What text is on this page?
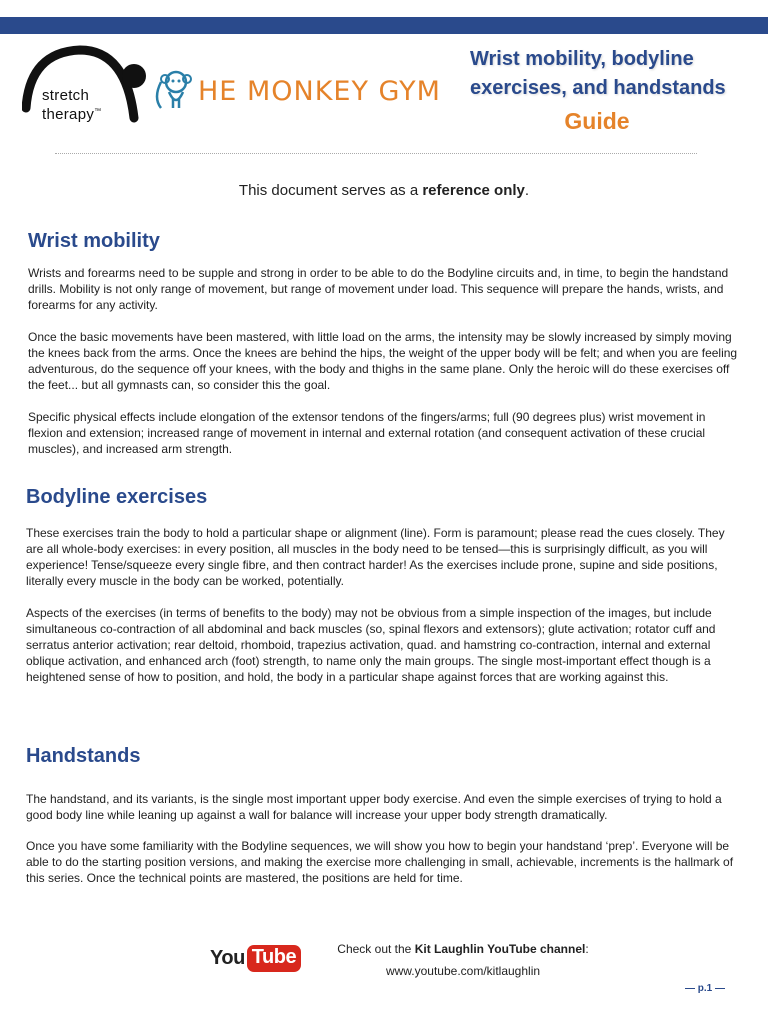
stretch
therapy™
HE MONKEY GYM
Wrist mobility, bodyline
exercises, and handstands
Guide
This document serves as a reference only.
Wrist mobility

Wrists and forearms need to be supple and strong in order to be able to do the Bodyline circuits and, in time, to begin the handstand drills. Mobility is not only range of movement, but range of movement under load. This sequence will prepare the hands, wrists, and forearms for any activity.

Once the basic movements have been mastered, with little load on the arms, the intensity may be slowly increased by simply moving the knees back from the arms. Once the knees are behind the hips, the weight of the upper body will be felt; and when you are feeling adventurous, do the sequence off your knees, with the body and thighs in the same plane. Only the heroic will do these exercises off the feet... but all gymnasts can, so consider this the goal.

Specific physical effects include elongation of the extensor tendons of the fingers/arms; full (90 degrees plus) wrist movement in flexion and extension; increased range of movement in internal and external rotation (and consequent activation of these crucial muscles), and increased arm strength.

Bodyline exercises

These exercises train the body to hold a particular shape or alignment (line). Form is paramount; please read the cues closely. They are all whole-body exercises: in every position, all muscles in the body need to be tensed—this is surprisingly difficult, as you will experience! Tense/squeeze every single fibre, and then contract harder! As the exercises include prone, supine and side positions, literally every muscle in the body can be worked, potentially.

Aspects of the exercises (in terms of benefits to the body) may not be obvious from a simple inspection of the images, but include simultaneous co-contraction of all abdominal and back muscles (so, spinal flexors and extensors); glute activation; rotator cuff and serratus anterior activation; rear deltoid, rhomboid, trapezius activation, quad. and hamstring co-contraction, internal and external oblique activation, and enhanced arch (foot) strength, to name only the main groups. The single most-important effect though is a heightened sense of how to position, and hold, the body in a particular shape against forces that are working against this.

Handstands

The handstand, and its variants, is the single most important upper body exercise. And even the simple exercises of trying to hold a good body line while leaning up against a wall for balance will increase your upper body strength dramatically.

Once you have some familiarity with the Bodyline sequences, we will show you how to begin your handstand ‘prep’. Everyone will be able to do the starting position versions, and making the exercise more challenging in small, achievable, increments is the hallmark of this series. Once the technical points are mastered, the positions are held for time.

You Tube	Check out the Kit Laughlin YouTube channel:
www.youtube.com/kitlaughlin
— p.1 —
